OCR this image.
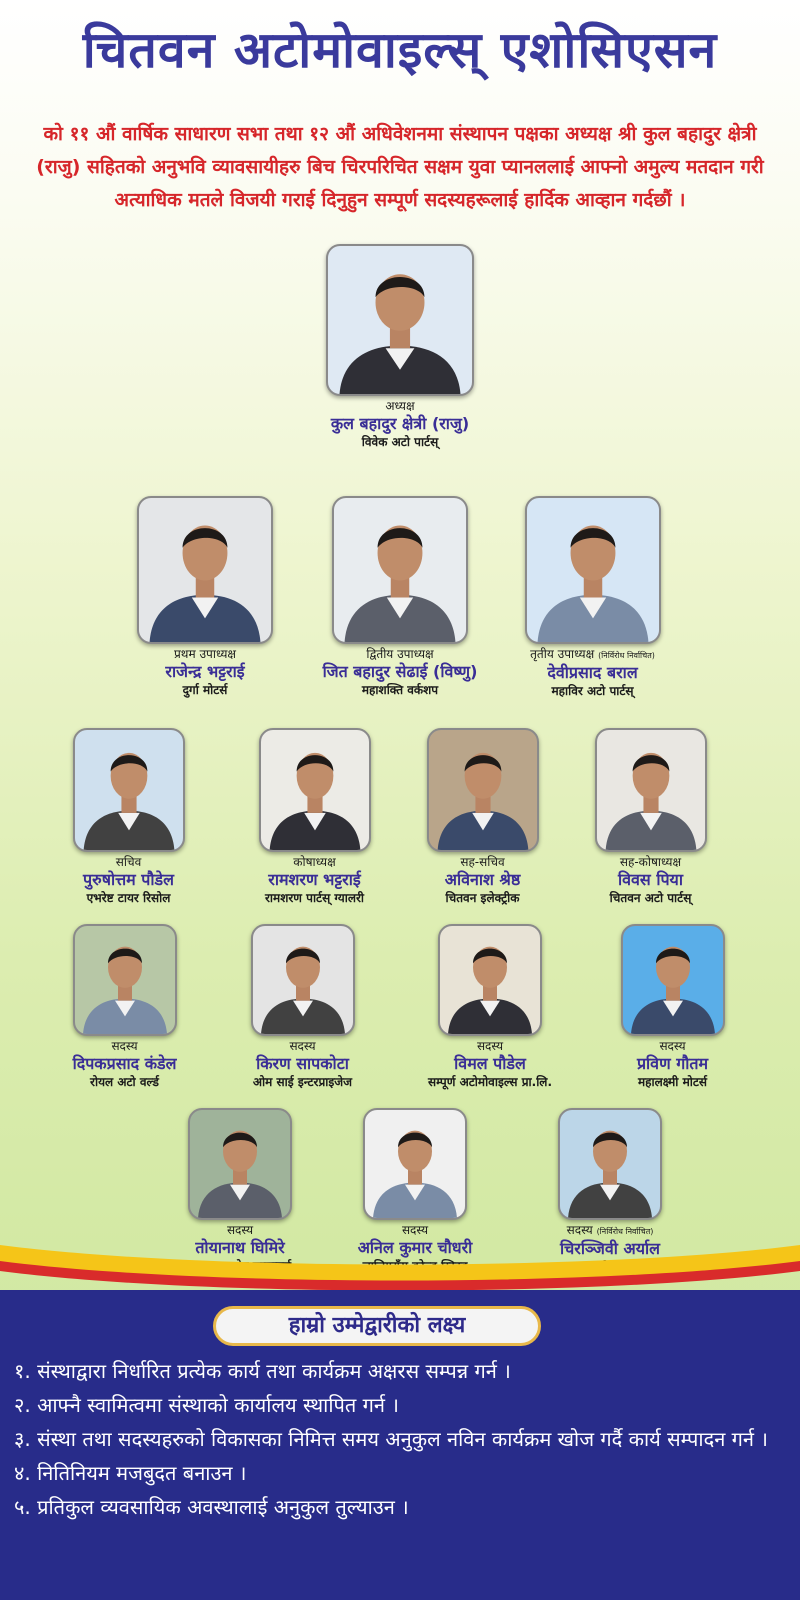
चितवन अटोमोवाइल्स् एशोसिएसन
को ११ औं वार्षिक साधारण सभा तथा १२ औं अधिवेशनमा संस्थापन पक्षका अध्यक्ष श्री कुल बहादुर क्षेत्री (राजु) सहितको अनुभवि व्यावसायीहरु बिच चिरपरिचित सक्षम युवा प्यानललाई आफ्नो अमुल्य मतदान गरी अत्याधिक मतले विजयी गराई दिनुहुन सम्पूर्ण सदस्यहरूलाई हार्दिक आव्हान गर्दछौं ।
अध्यक्ष
कुल बहादुर क्षेत्री (राजु)
विवेक अटो पार्टस्
प्रथम उपाध्यक्ष
राजेन्द्र भट्टराई
दुर्गा मोटर्स
द्वितीय उपाध्यक्ष
जित बहादुर सेढाई (विष्णु)
महाशक्ति वर्कशप
तृतीय उपाध्यक्ष (निर्विरोध निर्वाचित)
देवीप्रसाद बराल
महाविर अटो पार्टस्
सचिव
पुरुषोत्तम पौडेल
एभरेष्ट टायर रिसोल
कोषाध्यक्ष
रामशरण भट्टराई
रामशरण पार्टस् ग्यालरी
सह-सचिव
अविनाश श्रेष्ठ
चितवन इलेक्ट्रीक
सह-कोषाध्यक्ष
विवस पिया
चितवन अटो पार्टस्
सदस्य
दिपकप्रसाद कंडेल
रोयल अटो वर्ल्ड
सदस्य
किरण सापकोटा
ओम साई इन्टरप्राइजेज
सदस्य
विमल पौडेल
सम्पूर्ण अटोमोवाइल्स प्रा.लि.
सदस्य
प्रविण गौतम
महालक्ष्मी मोटर्स
सदस्य
तोयानाथ घिमिरे
सदस्य
अनिल कुमार चौधरी
सदस्य (निर्विरोध निर्वाचित)
चिरञ्जिवी अर्याल
हाम्रो उम्मेद्वारीको लक्ष्य
१. संस्थाद्वारा निर्धारित प्रत्येक कार्य तथा कार्यक्रम अक्षरस सम्पन्न गर्न ।
२. आफ्नै स्वामित्वमा संस्थाको कार्यालय स्थापित गर्न ।
३. संस्था तथा सदस्यहरुको विकासका निमित्त समय अनुकुल नविन कार्यक्रम खोज गर्दै कार्य सम्पादन गर्न ।
४. नितिनियम मजबुदत बनाउन ।
५. प्रतिकुल व्यवसायिक अवस्थालाई अनुकुल तुल्याउन ।
